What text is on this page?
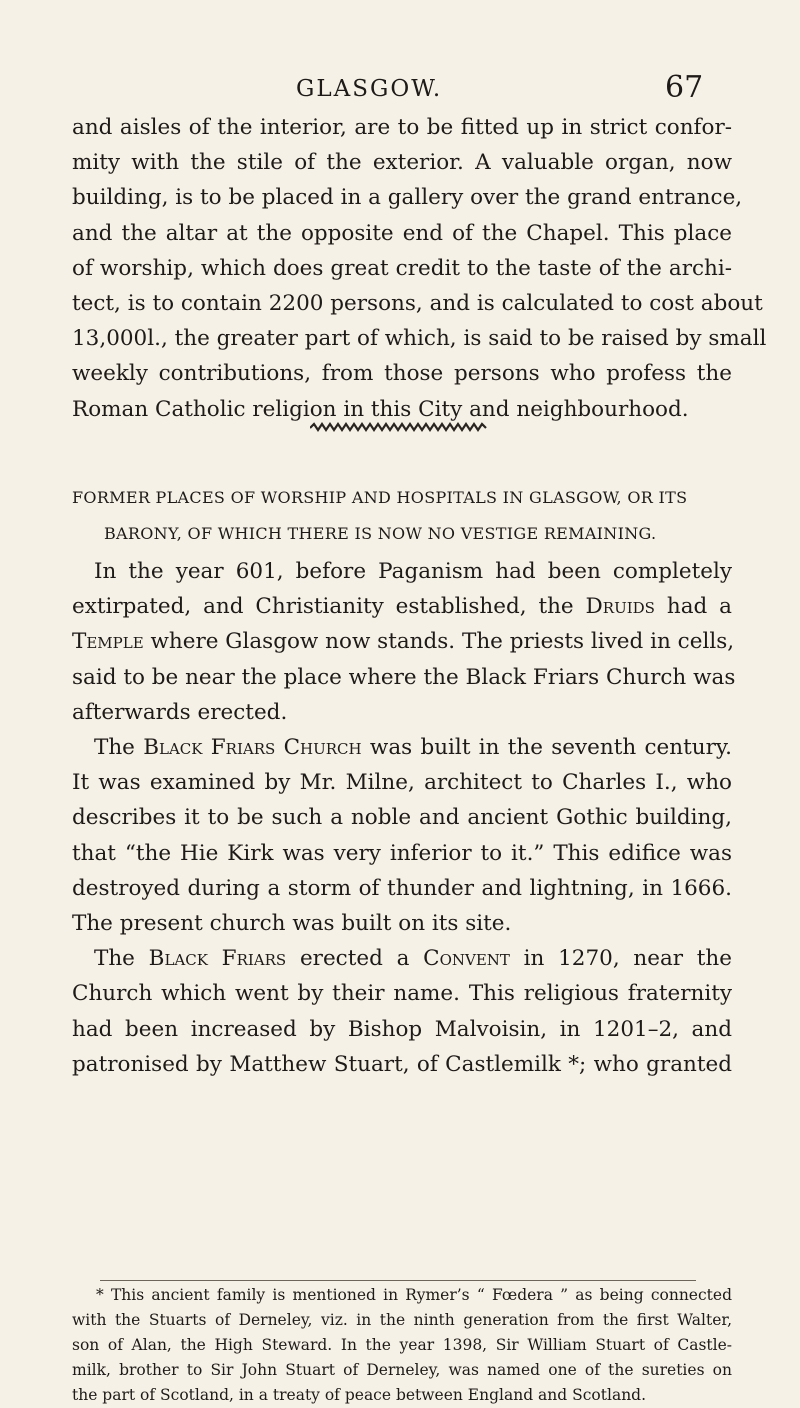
GLASGOW.	67
and aisles of the interior, are to be fitted up in strict confor-
mity with the stile of the exterior. A valuable organ, now
building, is to be placed in a gallery over the grand entrance,
and the altar at the opposite end of the Chapel. This place
of worship, which does great credit to the taste of the archi-
tect, is to contain 2200 persons, and is calculated to cost about
13,000l., the greater part of which, is said to be raised by small
weekly contributions, from those persons who profess the
Roman Catholic religion in this City and neighbourhood.
FORMER PLACES OF WORSHIP AND HOSPITALS IN GLASGOW, OR ITS
BARONY, OF WHICH THERE IS NOW NO VESTIGE REMAINING.
In the year 601, before Paganism had been completely
extirpated, and Christianity established, the Druids had a
Temple where Glasgow now stands. The priests lived in cells,
said to be near the place where the Black Friars Church was
afterwards erected.
The Black Friars Church was built in the seventh century.
It was examined by Mr. Milne, architect to Charles I., who
describes it to be such a noble and ancient Gothic building,
that “the Hie Kirk was very inferior to it.” This edifice was
destroyed during a storm of thunder and lightning, in 1666.
The present church was built on its site.
The Black Friars erected a Convent in 1270, near the
Church which went by their name. This religious fraternity
had been increased by Bishop Malvoisin, in 1201–2, and
patronised by Matthew Stuart, of Castlemilk *; who granted
* This ancient family is mentioned in Rymer’s “ Fœdera ” as being connected
with the Stuarts of Derneley, viz. in the ninth generation from the first Walter,
son of Alan, the High Steward. In the year 1398, Sir William Stuart of Castle-
milk, brother to Sir John Stuart of Derneley, was named one of the sureties on
the part of Scotland, in a treaty of peace between England and Scotland.
